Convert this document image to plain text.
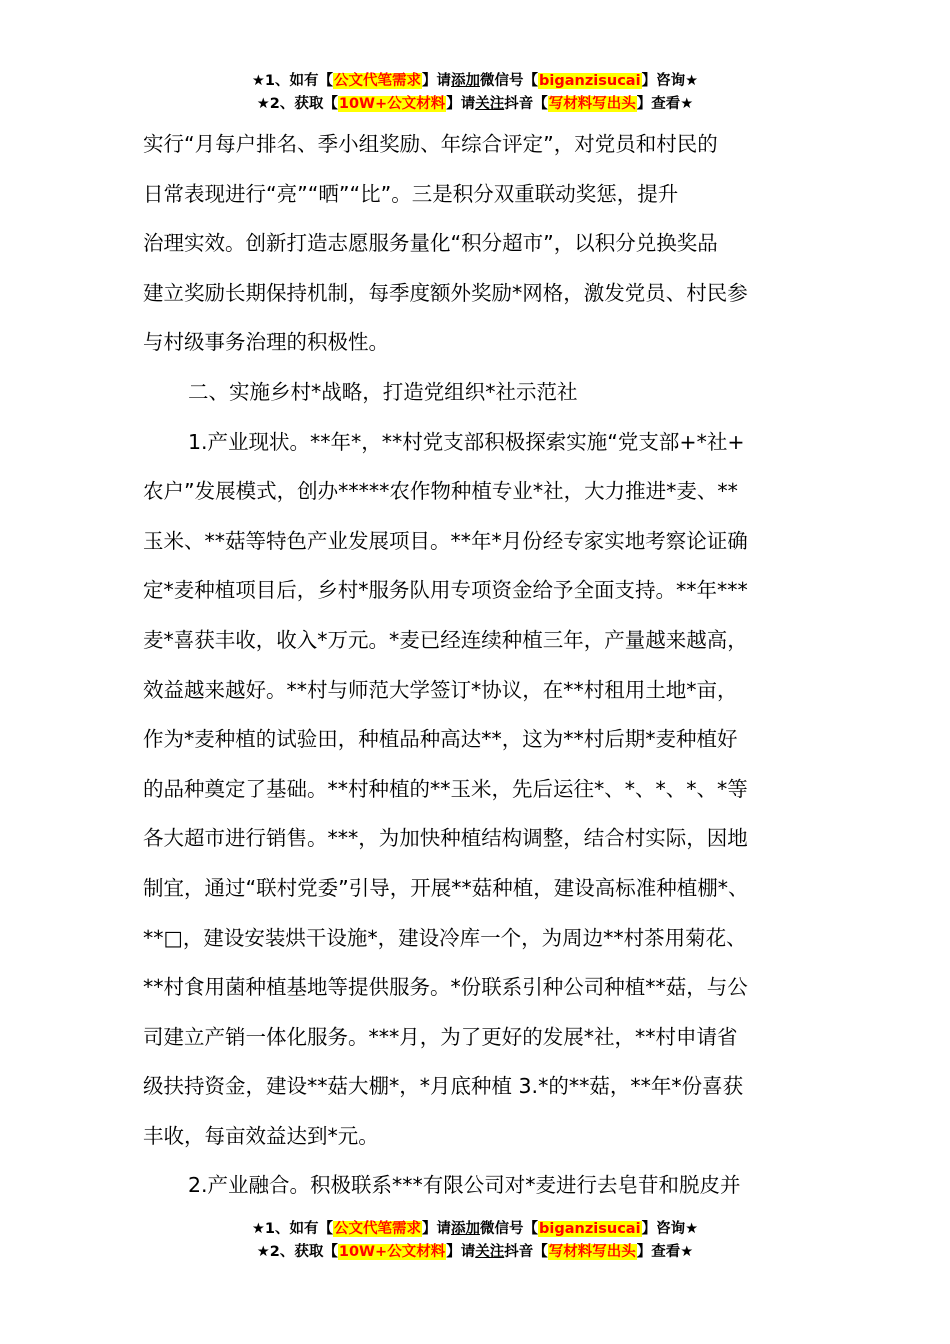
★1、如有【公文代笔需求】请添加微信号【biganzisucai】咨询★
★2、获取【10W+公文材料】请关注抖音【写材料写出头】查看★
实行“月每户排名、季小组奖励、年综合评定”，对党员和村民的
日常表现进行“亮”“晒”“比”。三是积分双重联动奖惩，提升
治理实效。创新打造志愿服务量化“积分超市”，以积分兑换奖品
建立奖励长期保持机制，每季度额外奖励*网格，激发党员、村民参
与村级事务治理的积极性。
二、实施乡村*战略，打造党组织*社示范社
1.产业现状。**年*，**村党支部积极探索实施“党支部+*社+
农户”发展模式，创办*****农作物种植专业*社，大力推进*麦、**
玉米、**菇等特色产业发展项目。**年*月份经专家实地考察论证确
定*麦种植项目后，乡村*服务队用专项资金给予全面支持。**年***
麦*喜获丰收，收入*万元。*麦已经连续种植三年，产量越来越高，
效益越来越好。**村与师范大学签订*协议，在**村租用土地*亩，
作为*麦种植的试验田，种植品种高达**，这为**村后期*麦种植好
的品种奠定了基础。**村种植的**玉米，先后运往*、*、*、*、*等
各大超市进行销售。***，为加快种植结构调整，结合村实际，因地
制宜，通过“联村党委”引导，开展**菇种植，建设高标准种植棚*、
**□，建设安装烘干设施*，建设冷库一个，为周边**村茶用菊花、
**村食用菌种植基地等提供服务。*份联系引种公司种植**菇，与公
司建立产销一体化服务。***月，为了更好的发展*社，**村申请省
级扶持资金，建设**菇大棚*，*月底种植 3.*的**菇，**年*份喜获
丰收，每亩效益达到*元。
2.产业融合。积极联系***有限公司对*麦进行去皂苷和脱皮并
★1、如有【公文代笔需求】请添加微信号【biganzisucai】咨询★
★2、获取【10W+公文材料】请关注抖音【写材料写出头】查看★
